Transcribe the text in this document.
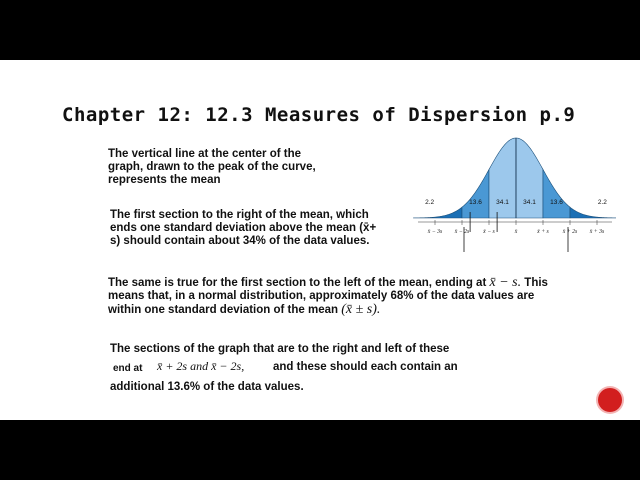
Chapter 12: 12.3 Measures of Dispersion p.9

The vertical line at the center of the graph, drawn to the peak of the curve, represents the mean

The first section to the right of the mean, which ends one standard deviation above the mean (x̄+ s) should contain about 34% of the data values.

The same is true for the first section to the left of the mean, ending at x̄ − s. This means that, in a normal distribution, approximately 68% of the data values are within one standard deviation of the mean (x̄ ± s).

The sections of the graph that are to the right and left of these

end at x̄ + 2s and x̄ − 2s,	and these should each contain an
additional 13.6% of the data values.
2.2	13.6 34.1 34.1 13.6	2.2
x̄ − 3s x̄ − 2s x̄ − s	x̄	x̄ + s x̄ + 2s x̄ + 3s
